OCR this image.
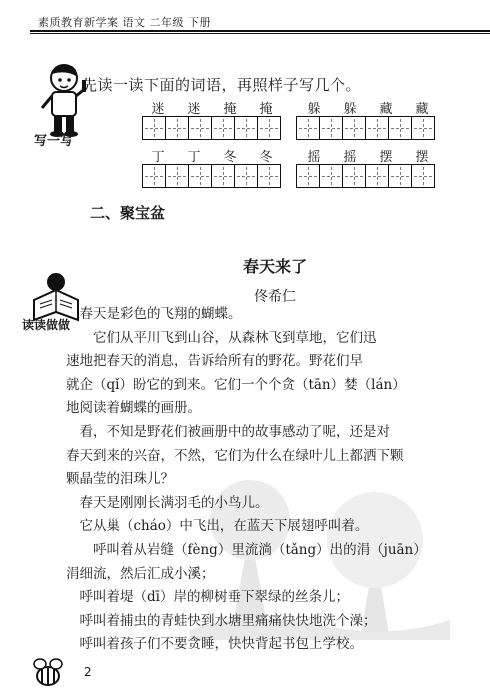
素质教育新学案 语文 二年级 下册
写一写
先读一读下面的词语，再照样子写几个。
迷	迷	掩	掩	躲	躲	藏	藏
丁	丁	冬	冬	摇	摇	摆	摆
二、聚宝盆
春天来了
佟希仁
读读做做
　春天是彩色的飞翔的蝴蝶。
　　它们从平川飞到山谷，从森林飞到草地，它们迅
速地把春天的消息，告诉给所有的野花。野花们早
就企（qǐ）盼它的到来。它们一个个贪（tān）婪（lán）
地阅读着蝴蝶的画册。
　看，不知是野花们被画册中的故事感动了呢，还是对
春天到来的兴奋，不然，它们为什么在绿叶儿上都洒下颗
颗晶莹的泪珠儿？
　春天是刚刚长满羽毛的小鸟儿。
　它从巢（cháo）中飞出，在蓝天下展翅呼叫着。
　　呼叫着从岩缝（fèng）里流淌（tǎng）出的涓（juān）
涓细流，然后汇成小溪；
　呼叫着堤（dī）岸的柳树垂下翠绿的丝条儿；
　呼叫着捕虫的青蛙快到水塘里痛痛快快地洗个澡；
　呼叫着孩子们不要贪睡，快快背起书包上学校。
2
